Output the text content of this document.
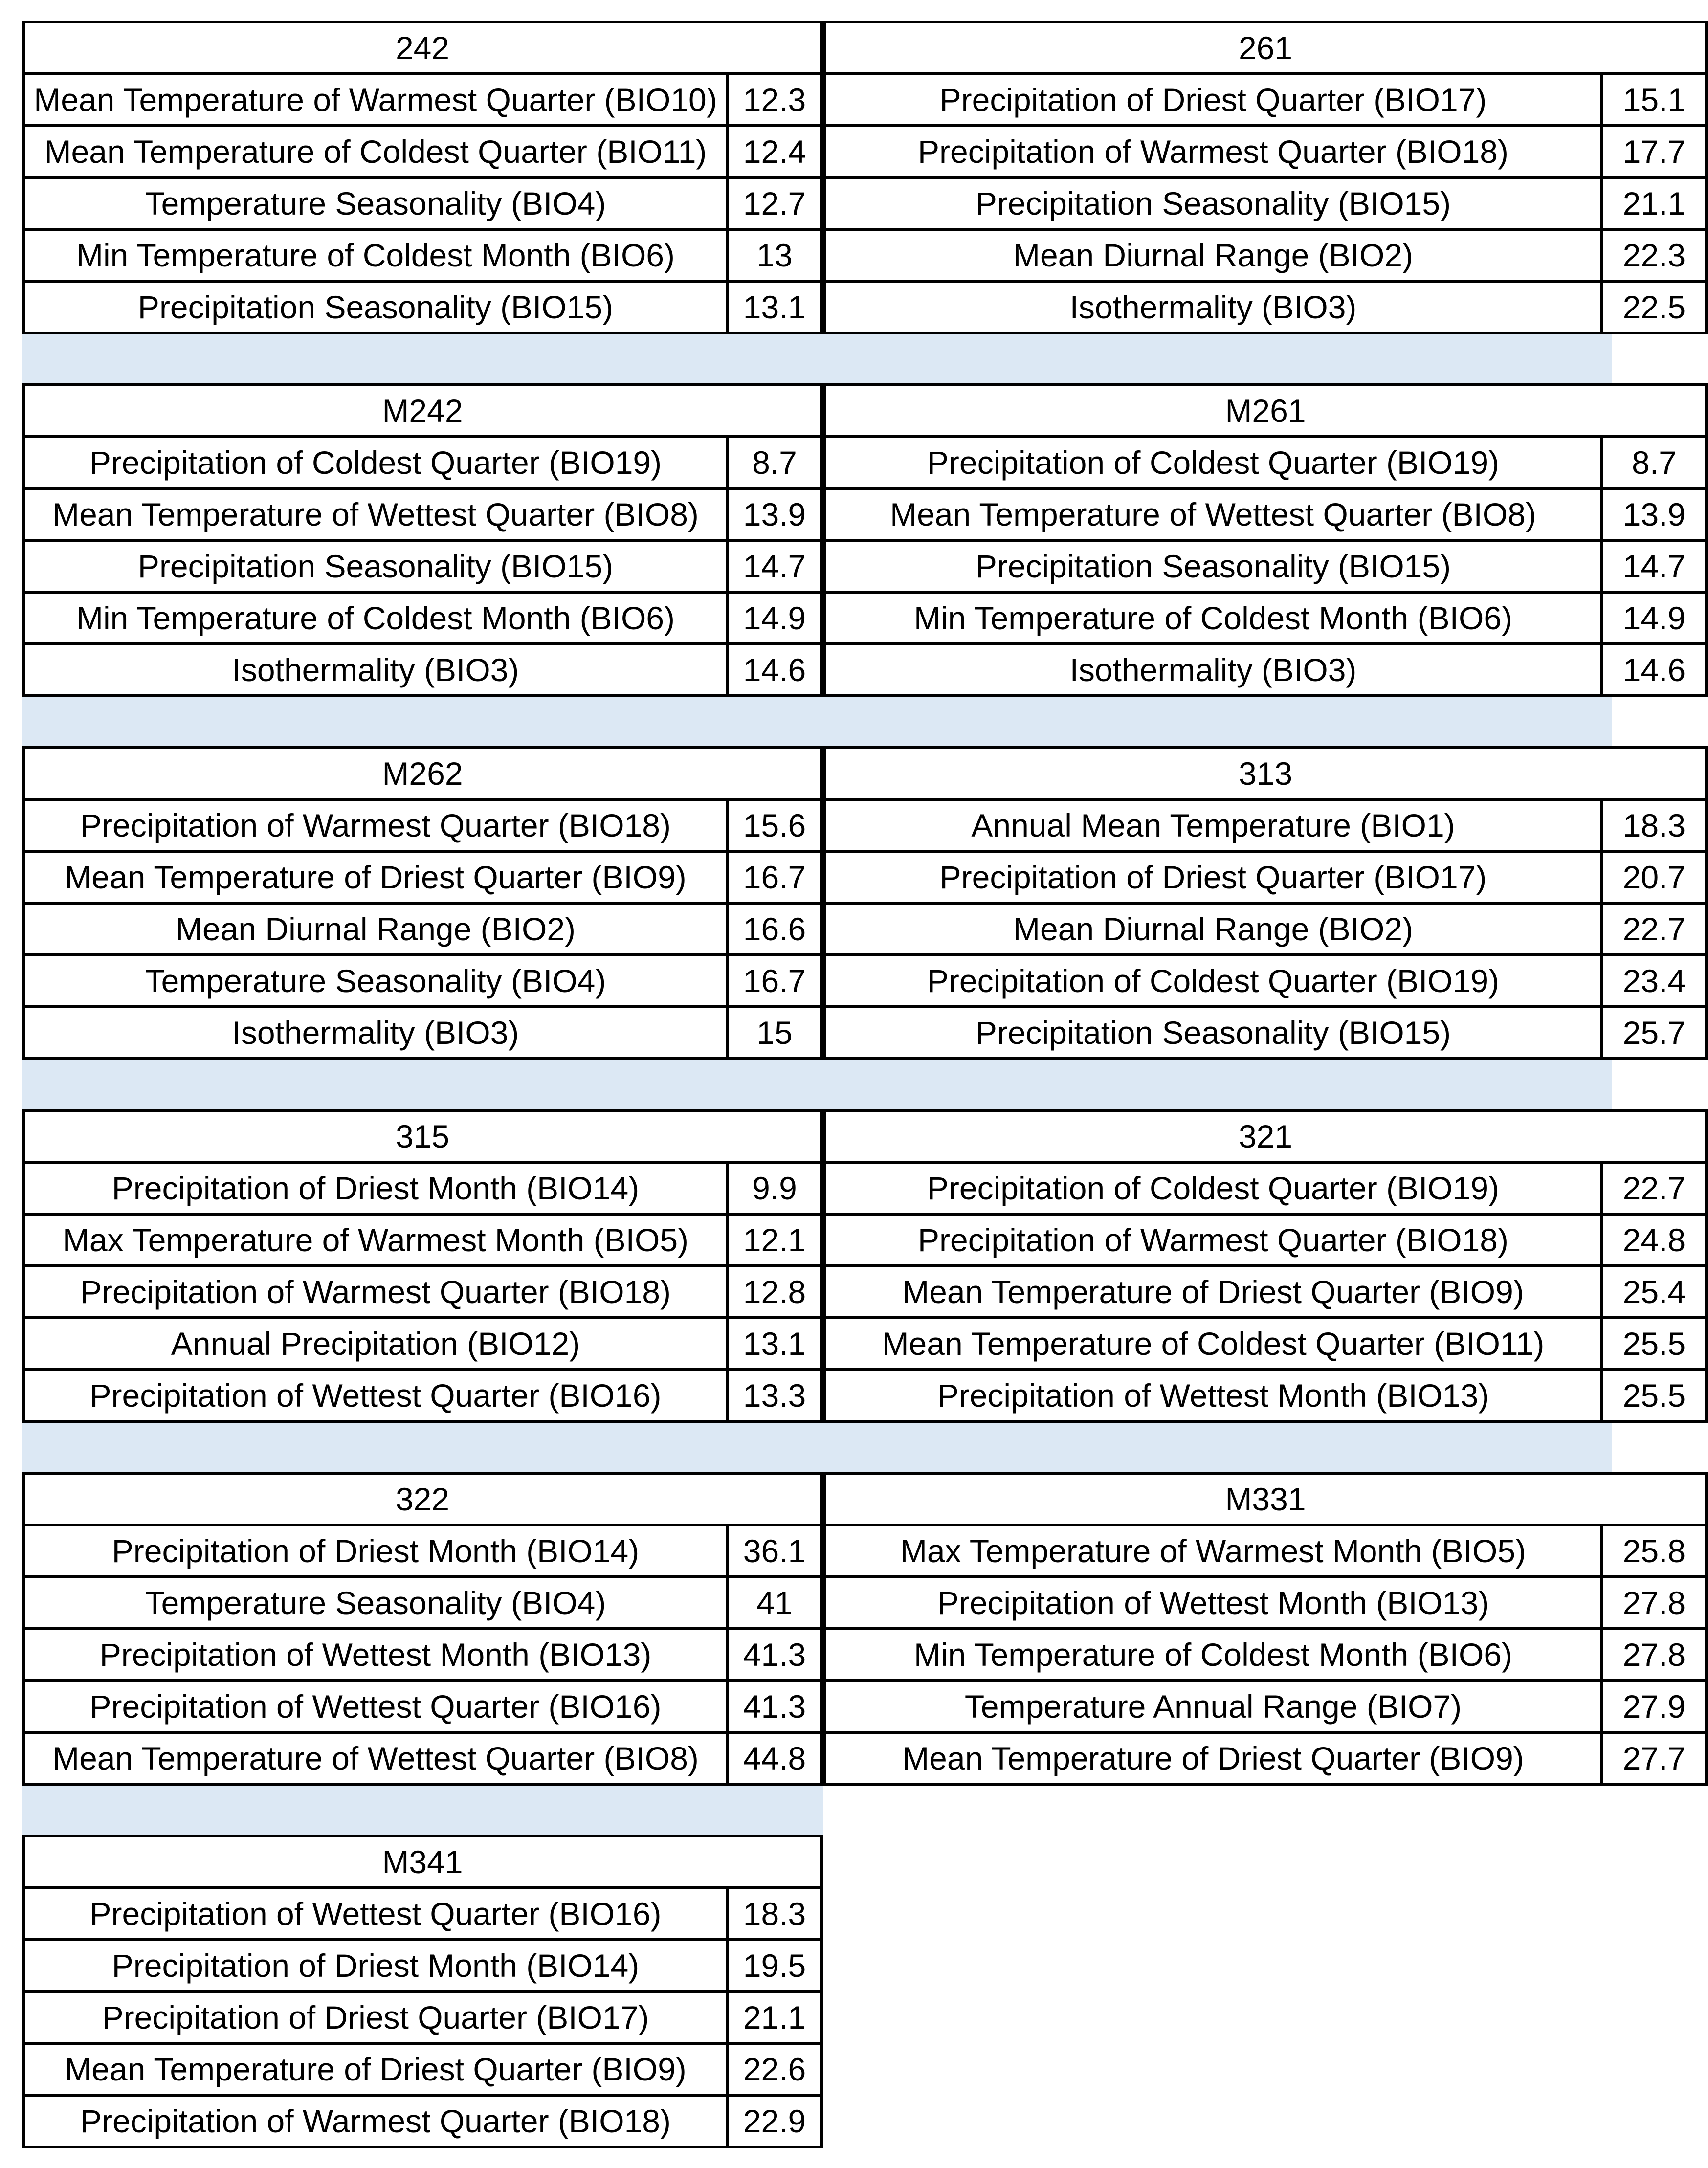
242
Mean Temperature of Warmest Quarter (BIO10) 12.3
Mean Temperature of Coldest Quarter (BIO11)	12.4
Temperature Seasonality (BIO4)	12.7
Min Temperature of Coldest Month (BIO6)	13
Precipitation Seasonality (BIO15)	13.1
261
Precipitation of Driest Quarter (BIO17)	15.1
Precipitation of Warmest Quarter (BIO18)	17.7
Precipitation Seasonality (BIO15)	21.1
Mean Diurnal Range (BIO2)	22.3
Isothermality (BIO3)	22.5
M242
Precipitation of Coldest Quarter (BIO19)	8.7
Mean Temperature of Wettest Quarter (BIO8)	13.9
Precipitation Seasonality (BIO15)	14.7
Min Temperature of Coldest Month (BIO6)	14.9
Isothermality (BIO3)	14.6
M261
Precipitation of Coldest Quarter (BIO19)	8.7
Mean Temperature of Wettest Quarter (BIO8)	13.9
Precipitation Seasonality (BIO15)	14.7
Min Temperature of Coldest Month (BIO6)	14.9
Isothermality (BIO3)	14.6
M262
Precipitation of Warmest Quarter (BIO18)	15.6
Mean Temperature of Driest Quarter (BIO9)	16.7
Mean Diurnal Range (BIO2)	16.6
Temperature Seasonality (BIO4)	16.7
Isothermality (BIO3)	15
313
Annual Mean Temperature (BIO1)	18.3
Precipitation of Driest Quarter (BIO17)	20.7
Mean Diurnal Range (BIO2)	22.7
Precipitation of Coldest Quarter (BIO19)	23.4
Precipitation Seasonality (BIO15)	25.7
315
Precipitation of Driest Month (BIO14)	9.9
Max Temperature of Warmest Month (BIO5)	12.1
Precipitation of Warmest Quarter (BIO18)	12.8
Annual Precipitation (BIO12)	13.1
Precipitation of Wettest Quarter (BIO16)	13.3
321
Precipitation of Coldest Quarter (BIO19)	22.7
Precipitation of Warmest Quarter (BIO18)	24.8
Mean Temperature of Driest Quarter (BIO9)	25.4
Mean Temperature of Coldest Quarter (BIO11)	25.5
Precipitation of Wettest Month (BIO13)	25.5
322
Precipitation of Driest Month (BIO14)	36.1
Temperature Seasonality (BIO4)	41
Precipitation of Wettest Month (BIO13)	41.3
Precipitation of Wettest Quarter (BIO16)	41.3
Mean Temperature of Wettest Quarter (BIO8)	44.8
M331
Max Temperature of Warmest Month (BIO5)	25.8
Precipitation of Wettest Month (BIO13)	27.8
Min Temperature of Coldest Month (BIO6)	27.8
Temperature Annual Range (BIO7)	27.9
Mean Temperature of Driest Quarter (BIO9)	27.7
M341
Precipitation of Wettest Quarter (BIO16)	18.3
Precipitation of Driest Month (BIO14)	19.5
Precipitation of Driest Quarter (BIO17)	21.1
Mean Temperature of Driest Quarter (BIO9)	22.6
Precipitation of Warmest Quarter (BIO18)	22.9
